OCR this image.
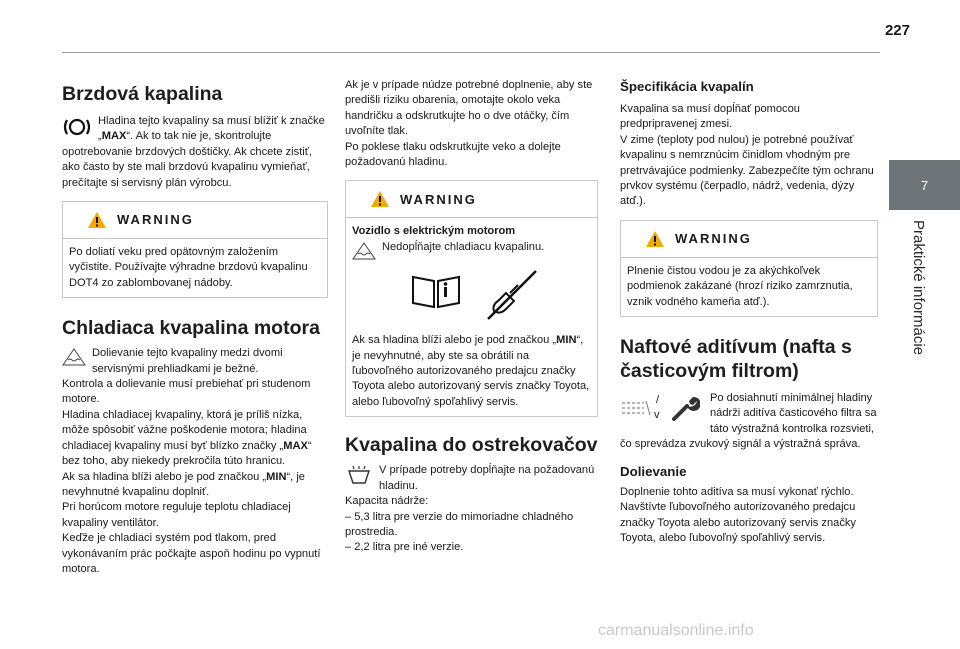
227
7
Praktické informácie
Brzdová kapalina

Hladina tejto kvapaliny sa musí blížiť k značke „MAX“. Ak to tak nie je, skontrolujte opotrebovanie brzdových doštičky. Ak chcete zistiť, ako často by ste mali brzdovú kvapalinu vymieňať, prečítajte si servisný plán výrobcu.

WARNING
Po doliatí veku pred opätovným založením vyčistite. Používajte výhradne brzdovú kvapalinu DOT4 zo zablombovanej nádoby.
Chladiaca kvapalina motora

Dolievanie tejto kvapaliny medzi dvomi servisnými prehliadkami je bežné.

Kontrola a dolievanie musí prebiehať pri studenom motore.

Hladina chladiacej kvapaliny, ktorá je príliš nízka, môže spôsobiť vážne poškodenie motora; hladina chladiacej kvapaliny musí byť blízko značky „MAX“ bez toho, aby niekedy prekročila túto hranicu.

Ak sa hladina blíži alebo je pod značkou „MIN“, je nevyhnutné kvapalinu doplniť.

Pri horúcom motore reguluje teplotu chladiacej kvapaliny ventilátor.

Keďže je chladiaci systém pod tlakom, pred vykonávaním prác počkajte aspoň hodinu po vypnutí motora.

Ak je v prípade núdze potrebné doplnenie, aby ste predišli riziku obarenia, omotajte okolo veka handričku a odskrutkujte ho o dve otáčky, čím uvoľníte tlak.

Po poklese tlaku odskrutkujte veko a dolejte požadovanú hladinu.

WARNING
Vozidlo s elektrickým motorom
Nedopĺňajte chladiacu kvapalinu.
Ak sa hladina blíži alebo je pod značkou „MIN“, je nevyhnutné, aby ste sa obrátili na ľubovoľného autorizovaného predajcu značky Toyota alebo autorizovaný servis značky Toyota, alebo ľubovoľný spoľahlivý servis.
Kvapalina do ostrekovačov

V prípade potreby dopĺňajte na požadovanú hladinu.

Kapacita nádrže:

– 5,3 litra pre verzie do mimoriadne chladného prostredia.

– 2,2 litra pre iné verzie.

Špecifikácia kvapalín

Kvapalina sa musí dopĺňať pomocou predpripravenej zmesi.

V zime (teploty pod nulou) je potrebné používať kvapalinu s nemrznúcim činidlom vhodným pre pretrvávajúce podmienky. Zabezpečíte tým ochranu prvkov systému (čerpadlo, nádrž, vedenia, dýzy atď.).

WARNING
Plnenie čistou vodou je za akýchkoľvek podmienok zakázané (hrozí riziko zamrznutia, vznik vodného kameňa atď.).
Naftové aditívum (nafta s časticovým filtrom)
/
v
Po dosiahnutí minimálnej hladiny nádrži aditíva časticového filtra sa táto výstražná kontrolka rozsvieti, čo sprevádza zvukový signál a výstražná správa.
Dolievanie

Doplnenie tohto aditíva sa musí vykonať rýchlo. Navštívte ľubovoľného autorizovaného predajcu značky Toyota alebo autorizovaný servis značky Toyota, alebo ľubovoľný spoľahlivý servis.

carmanualsonline.info
